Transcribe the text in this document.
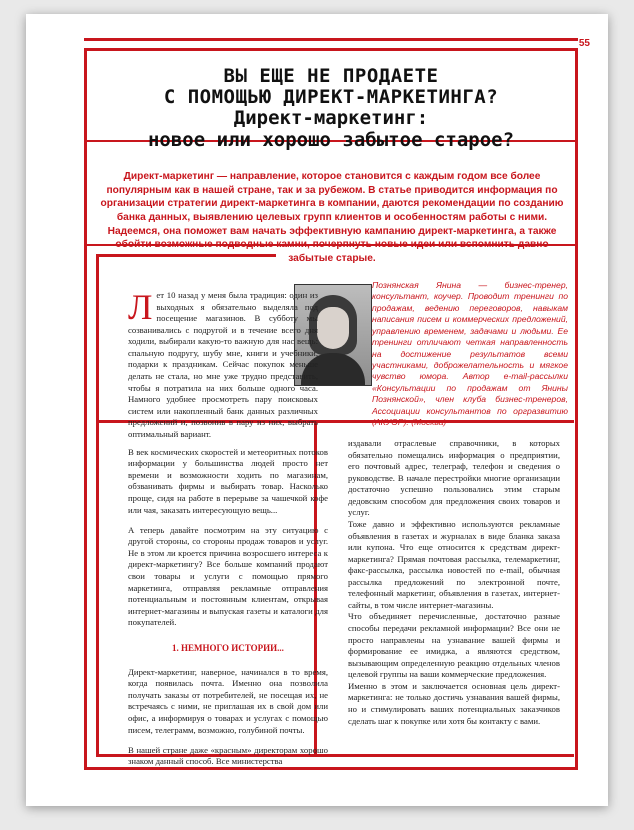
55
ВЫ ЕЩЕ НЕ ПРОДАЕТЕ
С ПОМОЩЬЮ ДИРЕКТ-МАРКЕТИНГА?
Директ-маркетинг:
новое или хорошо забытое старое?
Директ-маркетинг — направление, которое становится с каждым годом все более популярным как в нашей стране, так и за рубежом. В статье приводится информация по организации стратегии директ-маркетинга в компании, даются рекомендации по созданию банка данных, выявлению целевых групп клиентов и особенностям работы с ними. Надеемся, она поможет вам начать эффективную кампанию директ-маркетинга, а также обойти возможные подводные камни, почерпнуть новые идеи или вспомнить давно забытые старые.
Познянская Янина — бизнес-тренер, консультант, коучер. Проводит тренинги по продажам, ведению переговоров, навыкам написания писем и коммерческих предложений, управлению временем, задачами и людьми. Ее тренинги отличают четкая направленность на достижение результатов всеми участниками, доброжелательность и мягкое чувство юмора. Автор e-mail-рассылки «Консультации по продажам от Янины Познянской», член клуба бизнес-тренеров, Ассоциации консультантов по оргразвитию (АКУОР). (Москва)
Л ет 10 назад у меня была традиция: один из выходных я обязательно выделяла под посещение магазинов. В субботу мы созванивались с подругой и в течение всего дня ходили, выбирали какую-то важную для нас вещь: спальную подругу, шубу мне, книги и учебники, подарки к праздникам. Сейчас покупок меньше делать не стала, но мне уже трудно представить, чтобы я потратила на них больше одного часа. Намного удобнее просмотреть пару поисковых систем или накопленный банк данных различных предложений и, позвонив в пару из них, выбрать оптимальный вариант.

В век космических скоростей и метеоритных потоков информации у большинства людей просто нет времени и возможности ходить по магазинам, обзванивать фирмы и выбирать товар. Насколько проще, сидя на работе в перерыве за чашечкой кофе или чая, заказать интересующую вещь...

А теперь давайте посмотрим на эту ситуацию с другой стороны, со стороны продаж товаров и услуг. Не в этом ли кроется причина возросшего интереса к директ-маркетингу? Все больше компаний продают свои товары и услуги с помощью прямого маркетинга, отправляя рекламные отправления потенциальным и постоянным клиентам, открывая интернет-магазины и выпуская газеты и каталоги для покупателей.

1. НЕМНОГО ИСТОРИИ...

Директ-маркетинг, наверное, начинался в то время, когда появилась почта. Именно она позволила получать заказы от потребителей, не посещая их, не встречаясь с ними, не приглашая их в свой дом или офис, а информируя о товарах и услугах с помощью писем, телеграмм, возможно, голубиной почты.

В нашей стране даже «красным» директорам хорошо знаком данный способ. Все министерства

издавали отраслевые справочники, в которых обязательно помещались информация о предприятии, его почтовый адрес, телеграф, телефон и сведения о руководстве. В начале перестройки многие организации достаточно успешно пользовались этим старым дедовским способом для предложения своих товаров и услуг.

Тоже давно и эффективно используются рекламные объявления в газетах и журналах в виде бланка заказа или купона. Что еще относится к средствам директ-маркетинга? Прямая почтовая рассылка, телемаркетинг, факс-рассылка, рассылка новостей по e-mail, обычная рассылка предложений по электронной почте, телефонный маркетинг, объявления в газетах, интернет-сайты, в том числе интернет-магазины.

Что объединяет перечисленные, достаточно разные способы передачи рекламной информации? Все они не просто направлены на узнавание вашей фирмы и формирование ее имиджа, а являются средством, вызывающим определенную реакцию отдельных членов целевой группы на ваши коммерческие предложения.

Именно в этом и заключается основная цель директ-маркетинга: не только достичь узнавания вашей фирмы, но и стимулировать ваших потенциальных заказчиков сделать шаг к покупке или хотя бы контакту с вами.
